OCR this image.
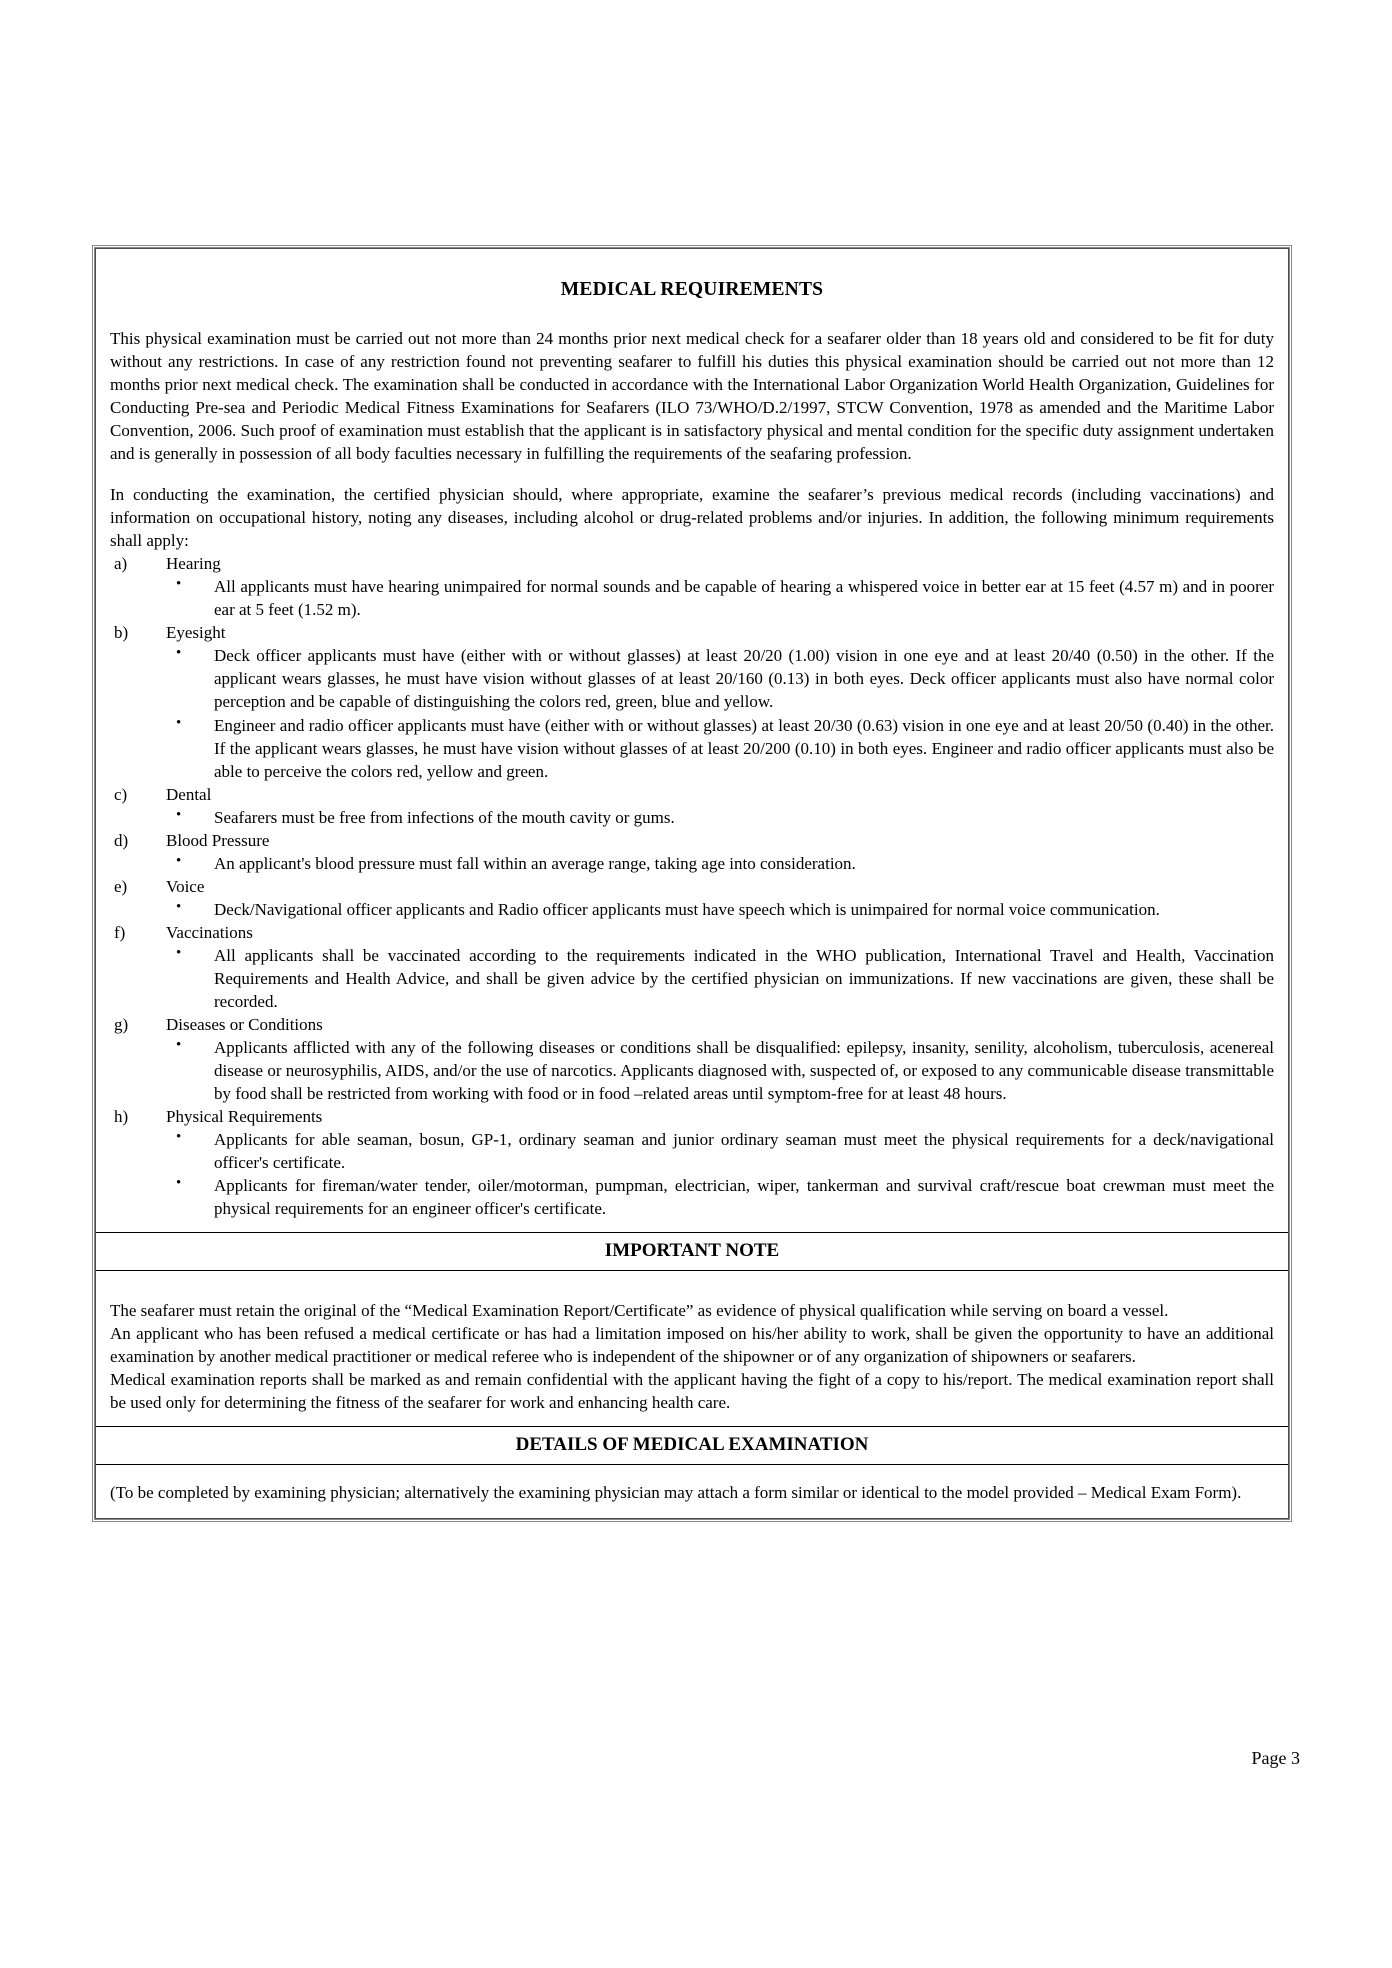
MEDICAL REQUIREMENTS

This physical examination must be carried out not more than 24 months prior next medical check for a seafarer older than 18 years old and considered to be fit for duty without any restrictions. In case of any restriction found not preventing seafarer to fulfill his duties this physical examination should be carried out not more than 12 months prior next medical check. The examination shall be conducted in accordance with the International Labor Organization World Health Organization, Guidelines for Conducting Pre-sea and Periodic Medical Fitness Examinations for Seafarers (ILO 73/WHO/D.2/1997, STCW Convention, 1978 as amended and the Maritime Labor Convention, 2006. Such proof of examination must establish that the applicant is in satisfactory physical and mental condition for the specific duty assignment undertaken and is generally in possession of all body faculties necessary in fulfilling the requirements of the seafaring profession.

In conducting the examination, the certified physician should, where appropriate, examine the seafarer’s previous medical records (including vaccinations) and information on occupational history, noting any diseases, including alcohol or drug-related problems and/or injuries. In addition, the following minimum requirements shall apply:

a)	Hearing
• All applicants must have hearing unimpaired for normal sounds and be capable of hearing a whispered voice in better ear at 15 feet (4.57 m) and in poorer ear at 5 feet (1.52 m).
b)	Eyesight
• Deck officer applicants must have (either with or without glasses) at least 20/20 (1.00) vision in one eye and at least 20/40 (0.50) in the other. If the applicant wears glasses, he must have vision without glasses of at least 20/160 (0.13) in both eyes. Deck officer applicants must also have normal color perception and be capable of distinguishing the colors red, green, blue and yellow.
• Engineer and radio officer applicants must have (either with or without glasses) at least 20/30 (0.63) vision in one eye and at least 20/50 (0.40) in the other. If the applicant wears glasses, he must have vision without glasses of at least 20/200 (0.10) in both eyes. Engineer and radio officer applicants must also be able to perceive the colors red, yellow and green.
c)	Dental
• Seafarers must be free from infections of the mouth cavity or gums.
d)	Blood Pressure
• An applicant's blood pressure must fall within an average range, taking age into consideration.
e)	Voice
• Deck/Navigational officer applicants and Radio officer applicants must have speech which is unimpaired for normal voice communication.
f)	Vaccinations
• All applicants shall be vaccinated according to the requirements indicated in the WHO publication, International Travel and Health, Vaccination Requirements and Health Advice, and shall be given advice by the certified physician on immunizations. If new vaccinations are given, these shall be recorded.
g)	Diseases or Conditions
• Applicants afflicted with any of the following diseases or conditions shall be disqualified: epilepsy, insanity, senility, alcoholism, tuberculosis, acenereal disease or neurosyphilis, AIDS, and/or the use of narcotics. Applicants diagnosed with, suspected of, or exposed to any communicable disease transmittable by food shall be restricted from working with food or in food –related areas until symptom-free for at least 48 hours.
h)	Physical Requirements
• Applicants for able seaman, bosun, GP-1, ordinary seaman and junior ordinary seaman must meet the physical requirements for a deck/navigational officer's certificate.
• Applicants for fireman/water tender, oiler/motorman, pumpman, electrician, wiper, tankerman and survival craft/rescue boat crewman must meet the physical requirements for an engineer officer's certificate.
IMPORTANT NOTE

The seafarer must retain the original of the “Medical Examination Report/Certificate” as evidence of physical qualification while serving on board a vessel.

An applicant who has been refused a medical certificate or has had a limitation imposed on his/her ability to work, shall be given the opportunity to have an additional examination by another medical practitioner or medical referee who is independent of the shipowner or of any organization of shipowners or seafarers.

Medical examination reports shall be marked as and remain confidential with the applicant having the fight of a copy to his/report. The medical examination report shall be used only for determining the fitness of the seafarer for work and enhancing health care.

DETAILS OF MEDICAL EXAMINATION

(To be completed by examining physician; alternatively the examining physician may attach a form similar or identical to the model provided – Medical Exam Form).

Page 3
